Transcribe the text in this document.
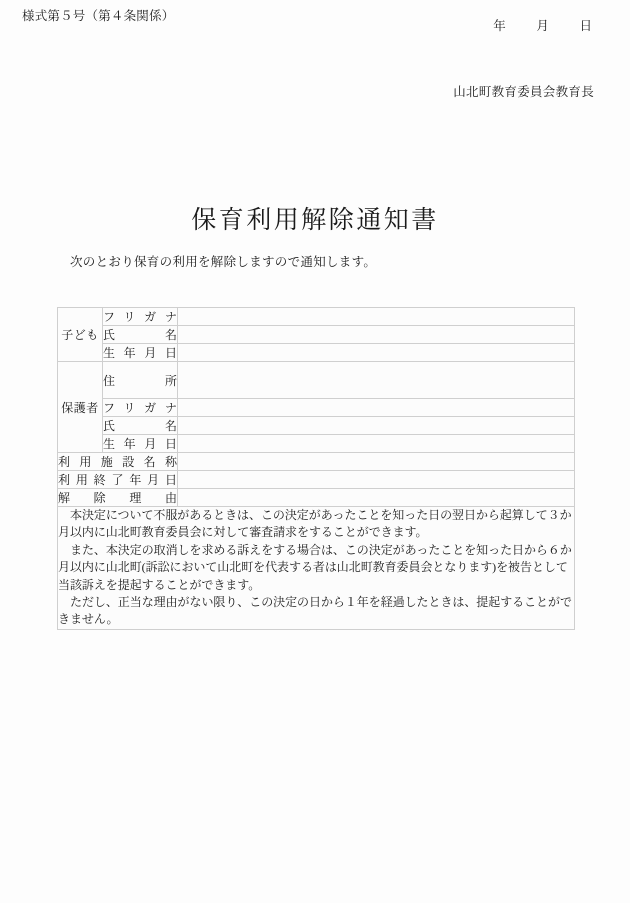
様式第５号（第４条関係）
年 月 日
山北町教育委員会教育長
保育利用解除通知書
次のとおり保育の利用を解除しますので通知します。
子ども	フリガナ	
	氏　　名	
	生年月日	
保護者	住　　所	
	フリガナ	
	氏　　名	
	生年月日	
利用施設名称		
利用終了年月日		
解除理由		

本決定について不服があるときは、この決定があったことを知った日の翌日から起算して３か月以内に山北町教育委員会に対して審査請求をすることができます。

また、本決定の取消しを求める訴えをする場合は、この決定があったことを知った日から６か月以内に山北町(訴訟において山北町を代表する者は山北町教育委員会となります)を被告として当該訴えを提起することができます。

ただし、正当な理由がない限り、この決定の日から１年を経過したときは、提起することができません。		
